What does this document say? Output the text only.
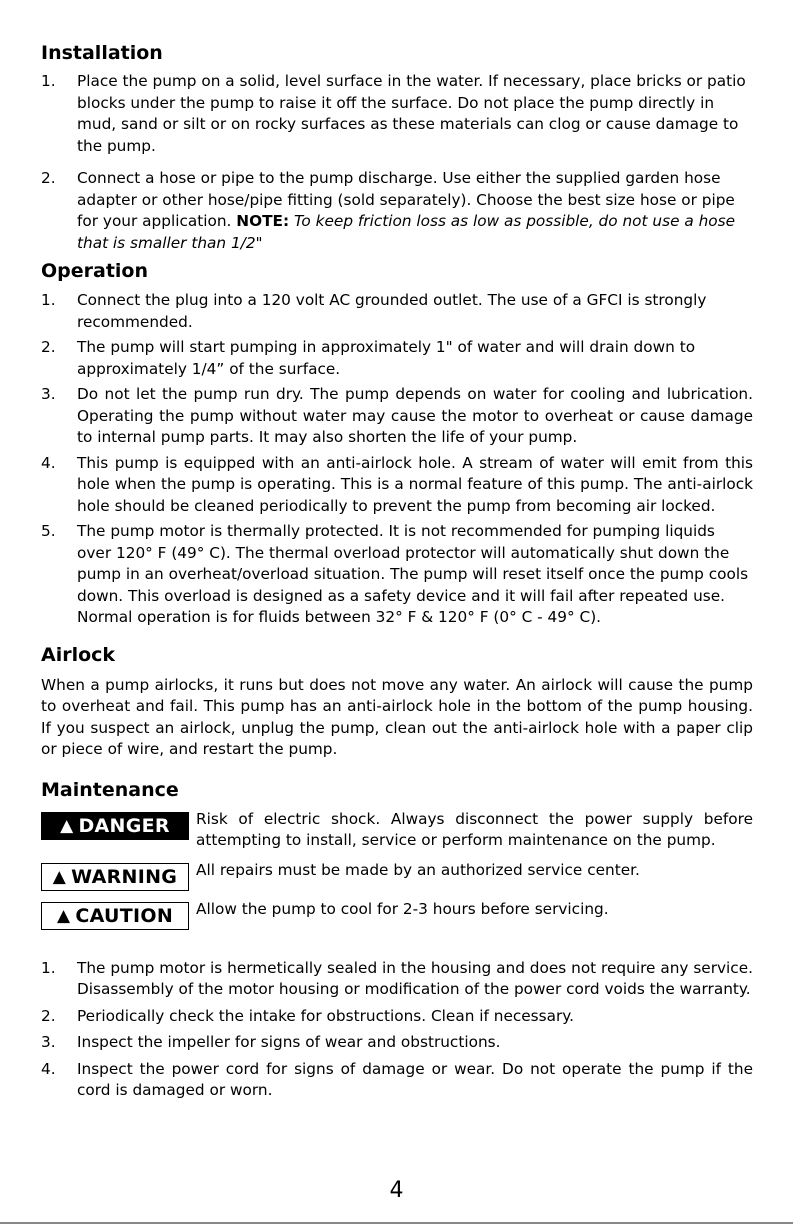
Installation
1. Place the pump on a solid, level surface in the water. If necessary, place bricks or patio blocks under the pump to raise it off the surface. Do not place the pump directly in mud, sand or silt or on rocky surfaces as these materials can clog or cause damage to the pump.
2. Connect a hose or pipe to the pump discharge. Use either the supplied garden hose adapter or other hose/pipe fitting (sold separately). Choose the best size hose or pipe for your application. NOTE: To keep friction loss as low as possible, do not use a hose that is smaller than 1/2"
Operation
1. Connect the plug into a 120 volt AC grounded outlet. The use of a GFCI is strongly recommended.
2. The pump will start pumping in approximately 1" of water and will drain down to approximately 1/4” of the surface.
3. Do not let the pump run dry. The pump depends on water for cooling and lubrication. Operating the pump without water may cause the motor to overheat or cause damage to internal pump parts. It may also shorten the life of your pump.
4. This pump is equipped with an anti-airlock hole. A stream of water will emit from this hole when the pump is operating. This is a normal feature of this pump. The anti-airlock hole should be cleaned periodically to prevent the pump from becoming air locked.
5. The pump motor is thermally protected. It is not recommended for pumping liquids over 120° F (49° C). The thermal overload protector will automatically shut down the pump in an overheat/overload situation. The pump will reset itself once the pump cools down. This overload is designed as a safety device and it will fail after repeated use. Normal operation is for fluids between 32° F & 120° F (0° C - 49° C).
Airlock

When a pump airlocks, it runs but does not move any water. An airlock will cause the pump to overheat and fail. This pump has an anti-airlock hole in the bottom of the pump housing. If you suspect an airlock, unplug the pump, clean out the anti-airlock hole with a paper clip or piece of wire, and restart the pump.

Maintenance
▲ DANGER Risk of electric shock. Always disconnect the power supply before attempting to install, service or perform maintenance on the pump.
▲ WARNING All repairs must be made by an authorized service center.
▲ CAUTION Allow the pump to cool for 2-3 hours before servicing.
1. The pump motor is hermetically sealed in the housing and does not require any service. Disassembly of the motor housing or modification of the power cord voids the warranty.
2. Periodically check the intake for obstructions. Clean if necessary.
3. Inspect the impeller for signs of wear and obstructions.
4. Inspect the power cord for signs of damage or wear. Do not operate the pump if the cord is damaged or worn.
4
